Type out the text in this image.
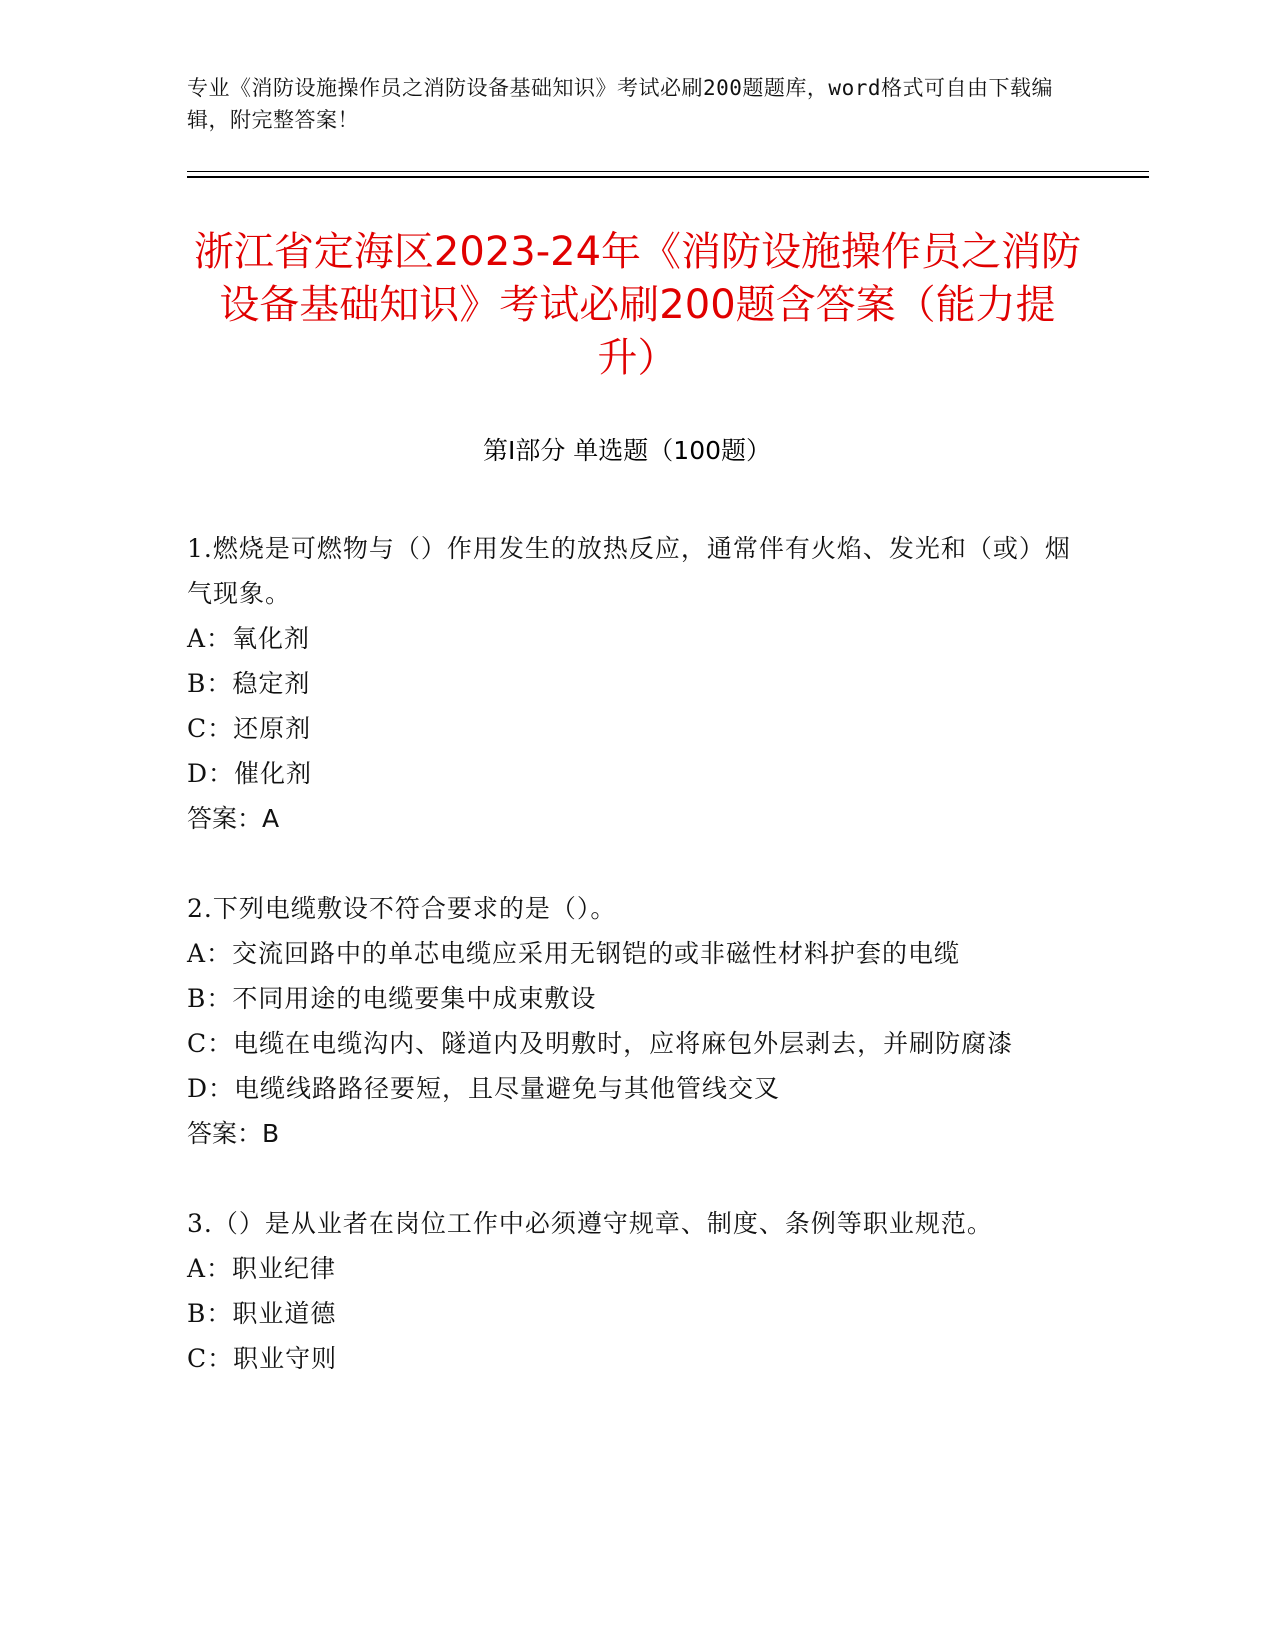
专业《消防设施操作员之消防设备基础知识》考试必刷200题题库，word格式可自由下载编辑，附完整答案！
浙江省定海区2023-24年《消防设施操作员之消防设备基础知识》考试必刷200题含答案（能力提升）
第I部分 单选题（100题）

1.燃烧是可燃物与（）作用发生的放热反应，通常伴有火焰、发光和（或）烟气现象。

A：氧化剂

B：稳定剂

C：还原剂

D：催化剂

答案：A

2.下列电缆敷设不符合要求的是（）。

A：交流回路中的单芯电缆应采用无钢铠的或非磁性材料护套的电缆

B：不同用途的电缆要集中成束敷设

C：电缆在电缆沟内、隧道内及明敷时，应将麻包外层剥去，并刷防腐漆

D：电缆线路路径要短，且尽量避免与其他管线交叉

答案：B

3.（）是从业者在岗位工作中必须遵守规章、制度、条例等职业规范。

A：职业纪律

B：职业道德

C：职业守则
